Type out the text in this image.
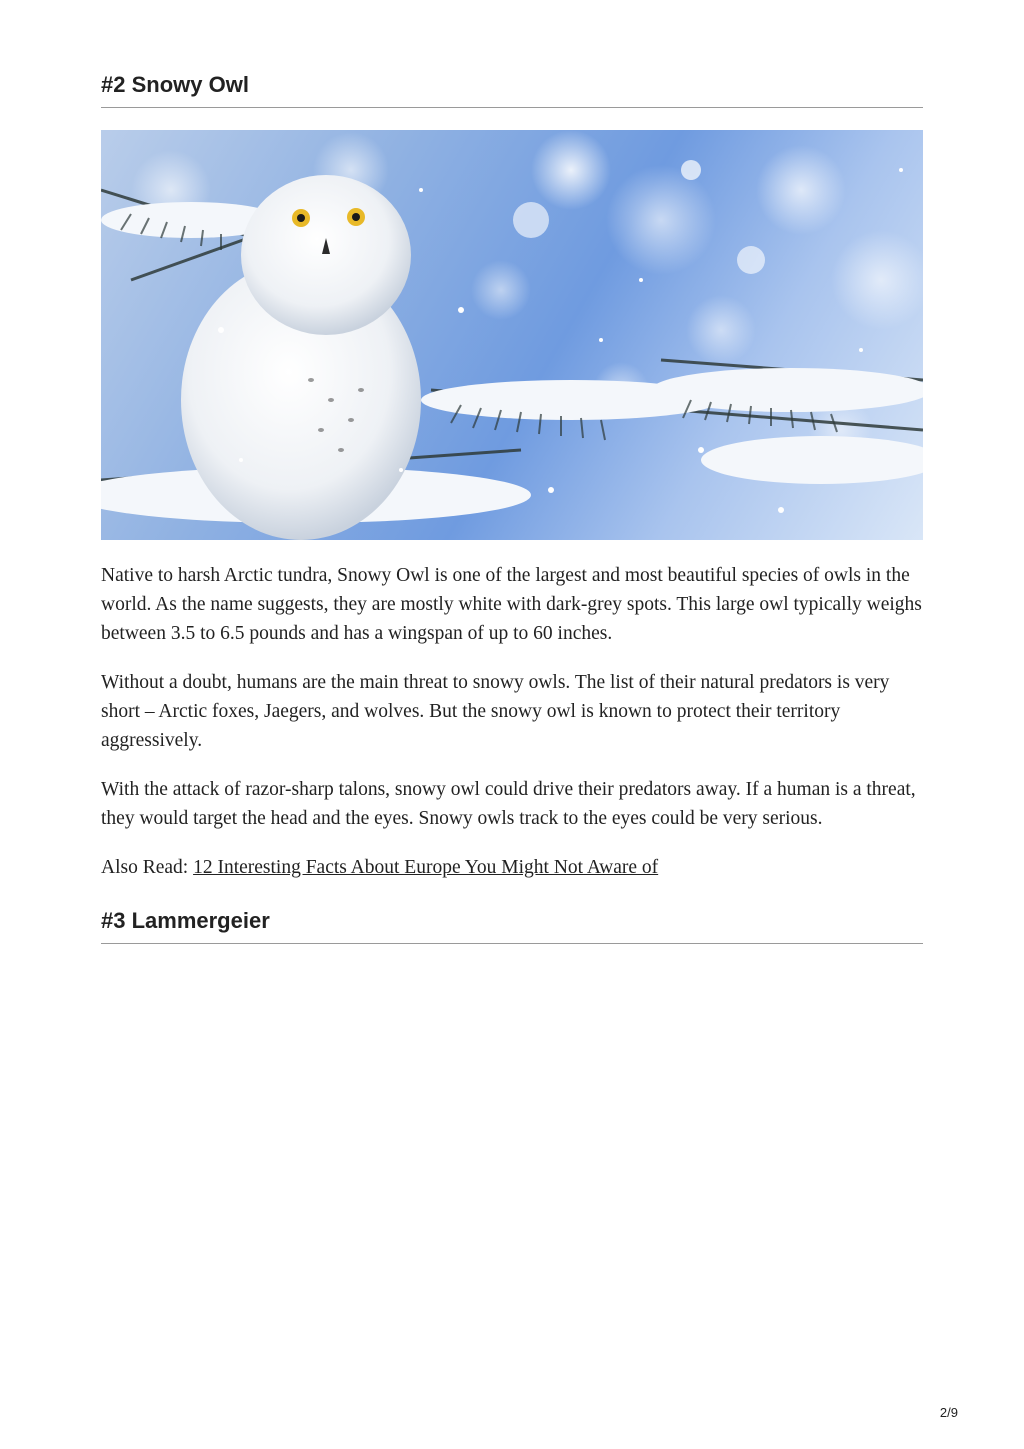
#2 Snowy Owl

Native to harsh Arctic tundra, Snowy Owl is one of the largest and most beautiful species of owls in the world. As the name suggests, they are mostly white with dark-grey spots. This large owl typically weighs between 3.5 to 6.5 pounds and has a wingspan of up to 60 inches.

Without a doubt, humans are the main threat to snowy owls. The list of their natural predators is very short – Arctic foxes, Jaegers, and wolves. But the snowy owl is known to protect their territory aggressively.

With the attack of razor-sharp talons, snowy owl could drive their predators away. If a human is a threat, they would target the head and the eyes. Snowy owls track to the eyes could be very serious.

Also Read: 12 Interesting Facts About Europe You Might Not Aware of

#3 Lammergeier
2/9
